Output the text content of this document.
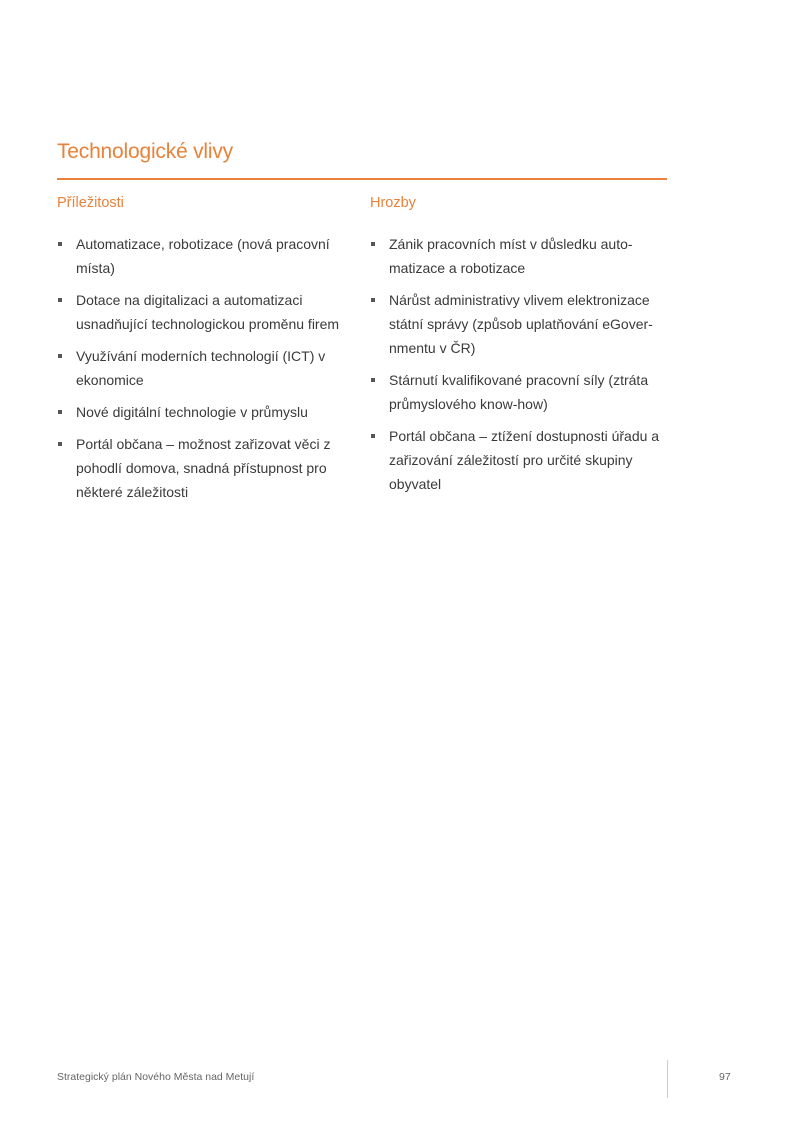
Technologické vlivy
Příležitosti
Automatizace, robotizace (nová pracovní místa)
Dotace na digitalizaci a automatizaci usnadňující technologickou proměnu firem
Využívání moderních technologií (ICT) v ekonomice
Nové digitální technologie v průmyslu
Portál občana – možnost zařizovat věci z pohodlí domova, snadná přístupnost pro některé záležitosti
Hrozby
Zánik pracovních míst v důsledku auto-matizace a robotizace
Nárůst administrativy vlivem elektronizace státní správy (způsob uplatňování eGover-nmentu v ČR)
Stárnutí kvalifikované pracovní síly (ztráta průmyslového know-how)
Portál občana – ztížení dostupnosti úřadu a zařizování záležitostí pro určité skupiny obyvatel
Strategický plán Nového Města nad Metují	97
